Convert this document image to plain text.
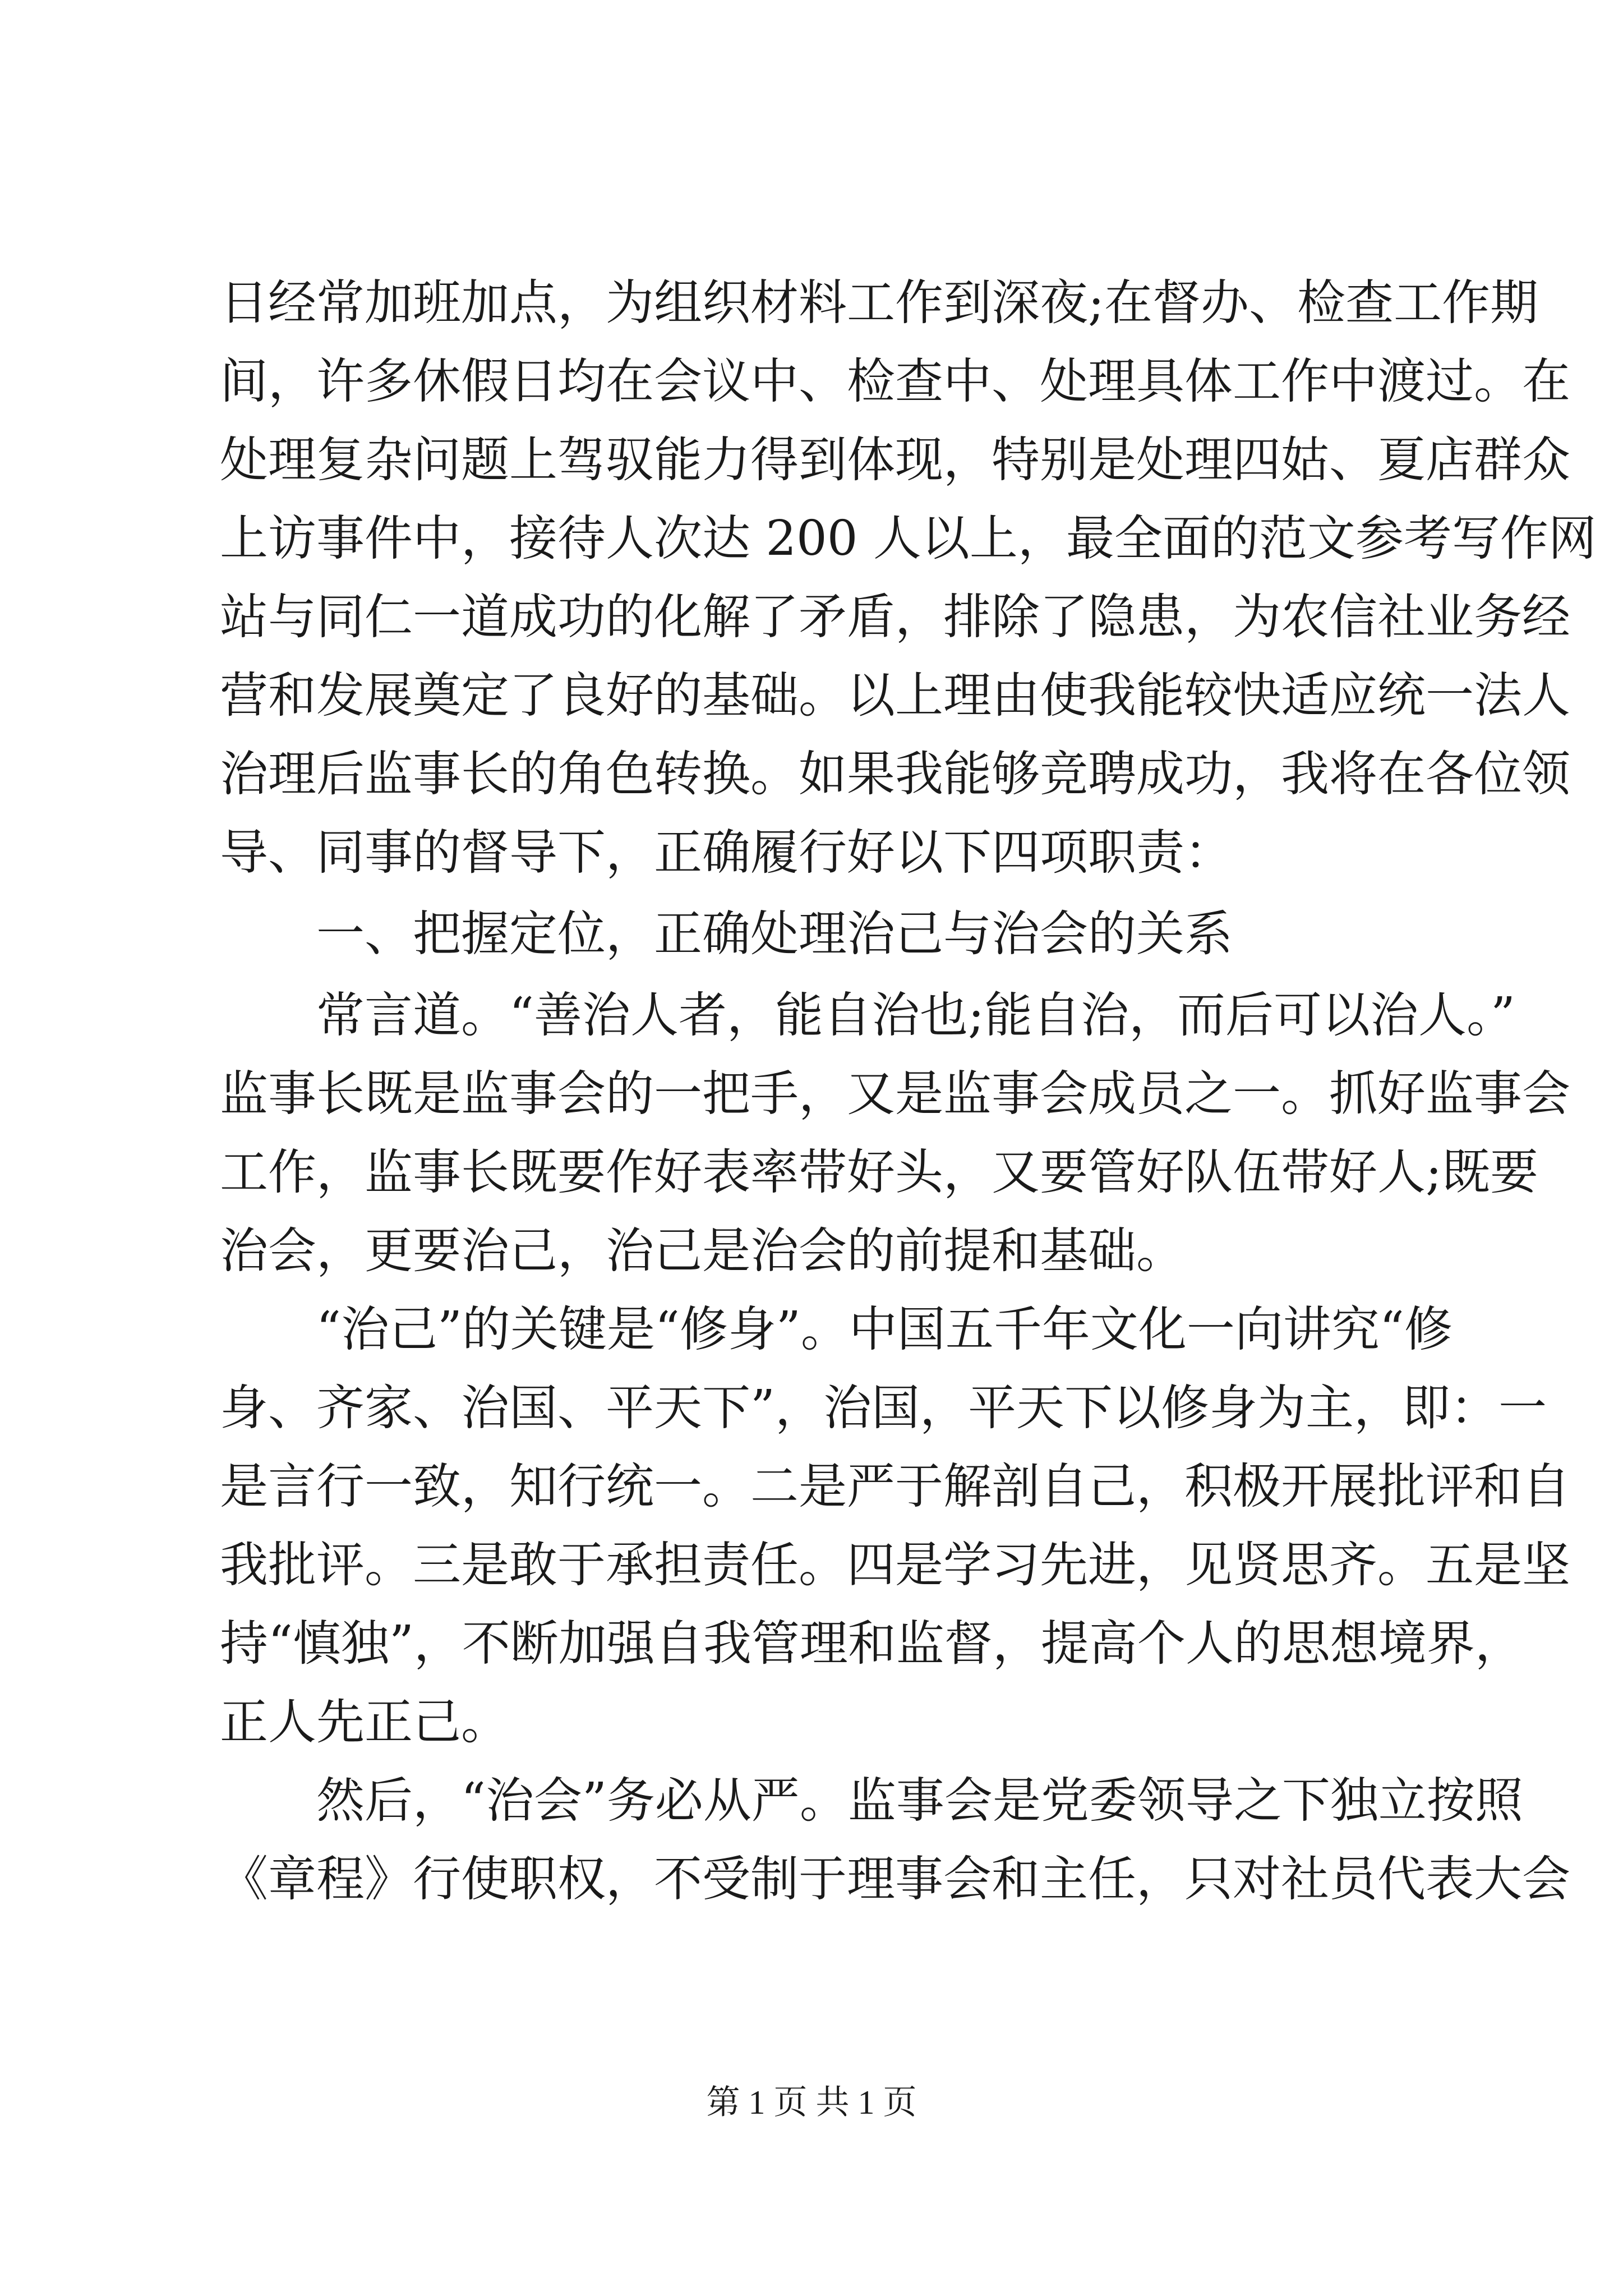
日经常加班加点，为组织材料工作到深夜;在督办、检查工作期
间，许多休假日均在会议中、检查中、处理具体工作中渡过。在
处理复杂问题上驾驭能力得到体现，特别是处理四姑、夏店群众
上访事件中，接待人次达 200 人以上，最全面的范文参考写作网
站与同仁一道成功的化解了矛盾，排除了隐患，为农信社业务经
营和发展奠定了良好的基础。以上理由使我能较快适应统一法人
治理后监事长的角色转换。如果我能够竞聘成功，我将在各位领
导、同事的督导下，正确履行好以下四项职责：
　　一、把握定位，正确处理治己与治会的关系
　　常言道。“善治人者，能自治也;能自治，而后可以治人。”
监事长既是监事会的一把手，又是监事会成员之一。抓好监事会
工作，监事长既要作好表率带好头，又要管好队伍带好人;既要
治会，更要治己，治己是治会的前提和基础。
　　“治己”的关键是“修身”。中国五千年文化一向讲究“修
身、齐家、治国、平天下”，治国，平天下以修身为主，即：一
是言行一致，知行统一。二是严于解剖自己，积极开展批评和自
我批评。三是敢于承担责任。四是学习先进，见贤思齐。五是坚
持“慎独”，不断加强自我管理和监督，提高个人的思想境界，
正人先正己。
　　然后，“治会”务必从严。监事会是党委领导之下独立按照
《章程》行使职权，不受制于理事会和主任，只对社员代表大会
第 1 页 共 1 页
